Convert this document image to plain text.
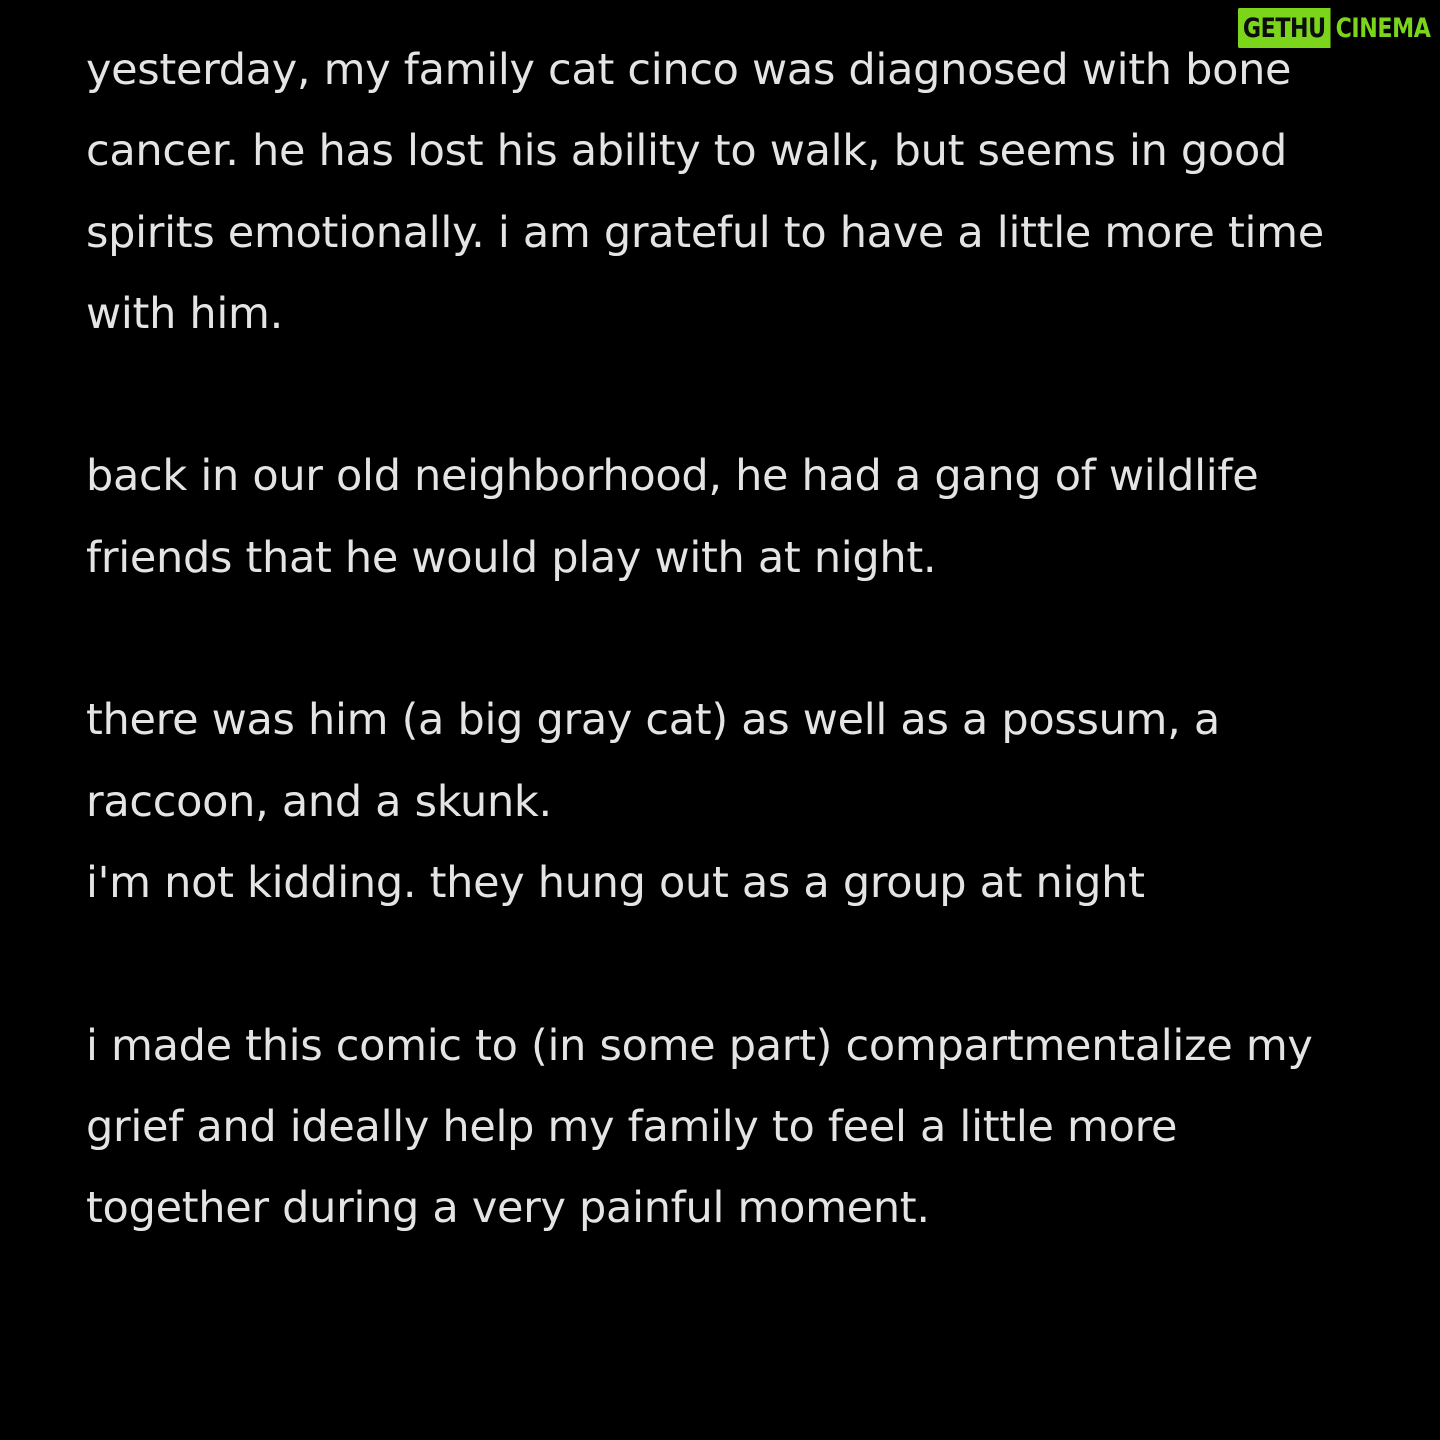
GETHU CINEMA
yesterday, my family cat cinco was diagnosed with bone
cancer. he has lost his ability to walk, but seems in good
spirits emotionally. i am grateful to have a little more time
with him.
back in our old neighborhood, he had a gang of wildlife
friends that he would play with at night.
there was him (a big gray cat) as well as a possum, a
raccoon, and a skunk.
i'm not kidding. they hung out as a group at night
i made this comic to (in some part) compartmentalize my
grief and ideally help my family to feel a little more
together during a very painful moment.
